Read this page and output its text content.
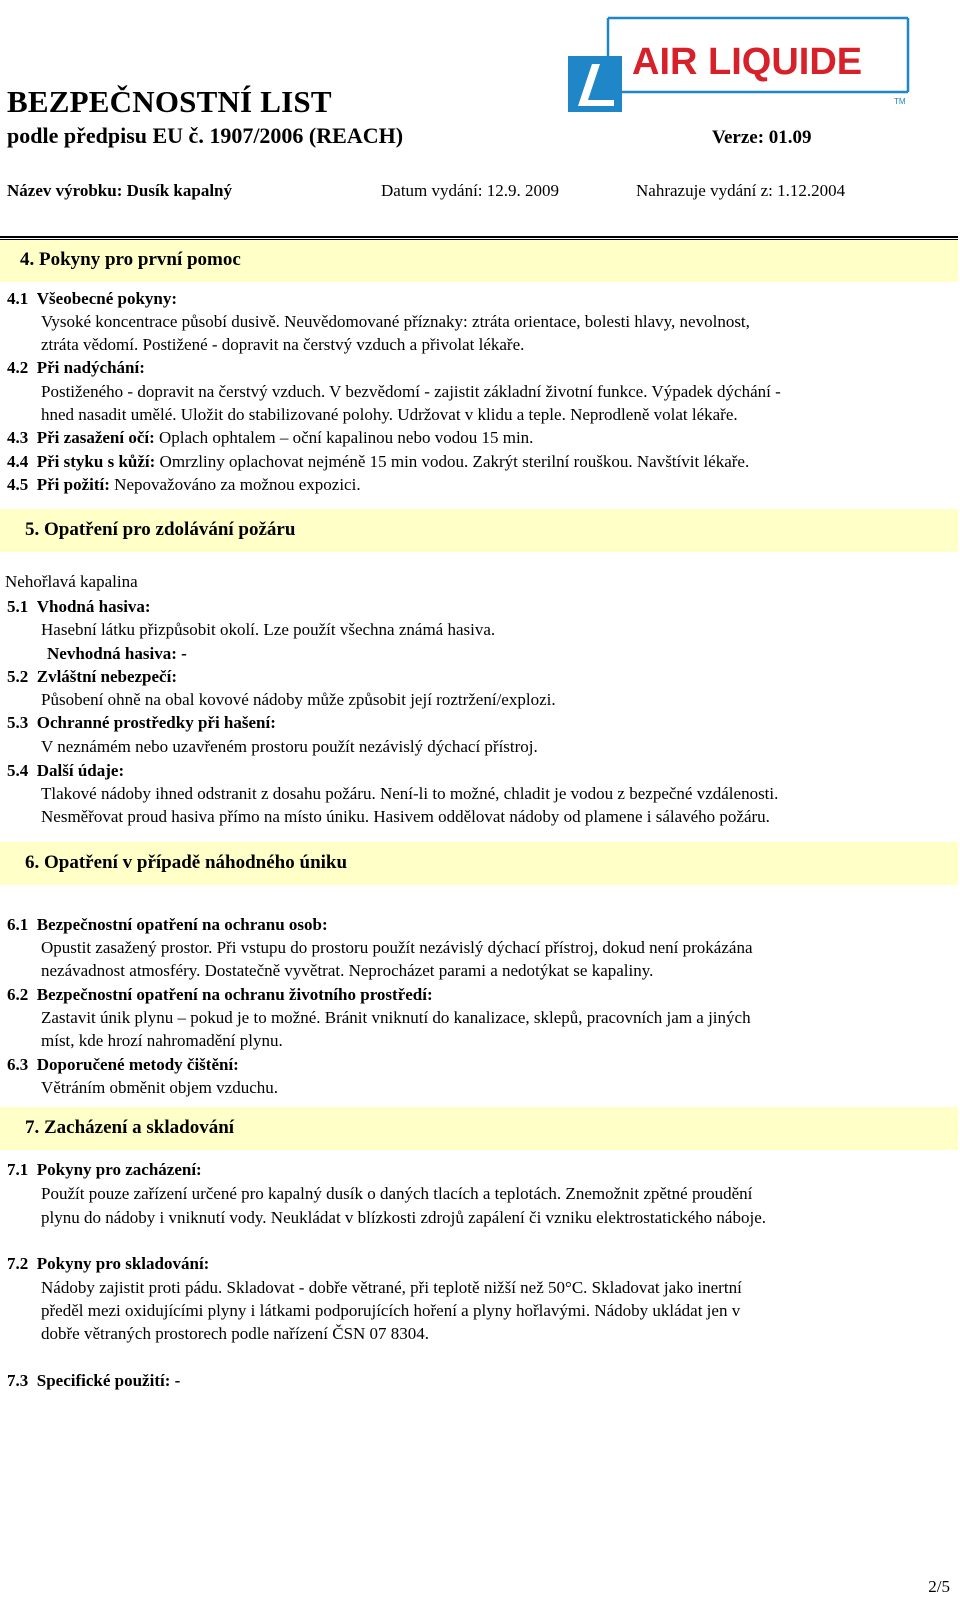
AIR LIQUIDE
TM
BEZPEČNOSTNÍ LIST
podle předpisu EU č. 1907/2006 (REACH)	Verze: 01.09
Název výrobku: Dusík kapalný	Datum vydání: 12.9. 2009	Nahrazuje vydání z: 1.12.2004
4. Pokyny pro první pomoc
4.1 Všeobecné pokyny:
Vysoké koncentrace působí dusivě. Neuvědomované příznaky: ztráta orientace, bolesti hlavy, nevolnost,
ztráta vědomí. Postižené - dopravit na čerstvý vzduch a přivolat lékaře.
4.2 Při nadýchání:
Postiženého - dopravit na čerstvý vzduch. V bezvědomí - zajistit základní životní funkce. Výpadek dýchání -
hned nasadit umělé. Uložit do stabilizované polohy. Udržovat v klidu a teple. Neprodleně volat lékaře.
4.3 Při zasažení očí: Oplach ophtalem – oční kapalinou nebo vodou 15 min.
4.4 Při styku s kůží: Omrzliny oplachovat nejméně 15 min vodou. Zakrýt sterilní rouškou. Navštívit lékaře.
4.5 Při požití: Nepovažováno za možnou expozici.
5. Opatření pro zdolávání požáru
Nehořlavá kapalina
5.1 Vhodná hasiva:
Hasební látku přizpůsobit okolí. Lze použít všechna známá hasiva.
Nevhodná hasiva: -
5.2 Zvláštní nebezpečí:
Působení ohně na obal kovové nádoby může způsobit její roztržení/explozi.
5.3 Ochranné prostředky při hašení:
V neznámém nebo uzavřeném prostoru použít nezávislý dýchací přístroj.
5.4 Další údaje:
Tlakové nádoby ihned odstranit z dosahu požáru. Není-li to možné, chladit je vodou z bezpečné vzdálenosti.
Nesměřovat proud hasiva přímo na místo úniku. Hasivem oddělovat nádoby od plamene i sálavého požáru.
6. Opatření v případě náhodného úniku
6.1 Bezpečnostní opatření na ochranu osob:
Opustit zasažený prostor. Při vstupu do prostoru použít nezávislý dýchací přístroj, dokud není prokázána
nezávadnost atmosféry. Dostatečně vyvětrat. Neprocházet parami a nedotýkat se kapaliny.
6.2 Bezpečnostní opatření na ochranu životního prostředí:
Zastavit únik plynu – pokud je to možné. Bránit vniknutí do kanalizace, sklepů, pracovních jam a jiných
míst, kde hrozí nahromadění plynu.
6.3 Doporučené metody čištění:
Větráním obměnit objem vzduchu.
7. Zacházení a skladování
7.1 Pokyny pro zacházení:
Použít pouze zařízení určené pro kapalný dusík o daných tlacích a teplotách. Znemožnit zpětné proudění
plynu do nádoby i vniknutí vody. Neukládat v blízkosti zdrojů zapálení či vzniku elektrostatického náboje.
7.2 Pokyny pro skladování:
Nádoby zajistit proti pádu. Skladovat - dobře větrané, při teplotě nižší než 50°C. Skladovat jako inertní
předěl mezi oxidujícími plyny i látkami podporujících hoření a plyny hořlavými. Nádoby ukládat jen v
dobře větraných prostorech podle nařízení ČSN 07 8304.
7.3 Specifické použití: -
2/5
